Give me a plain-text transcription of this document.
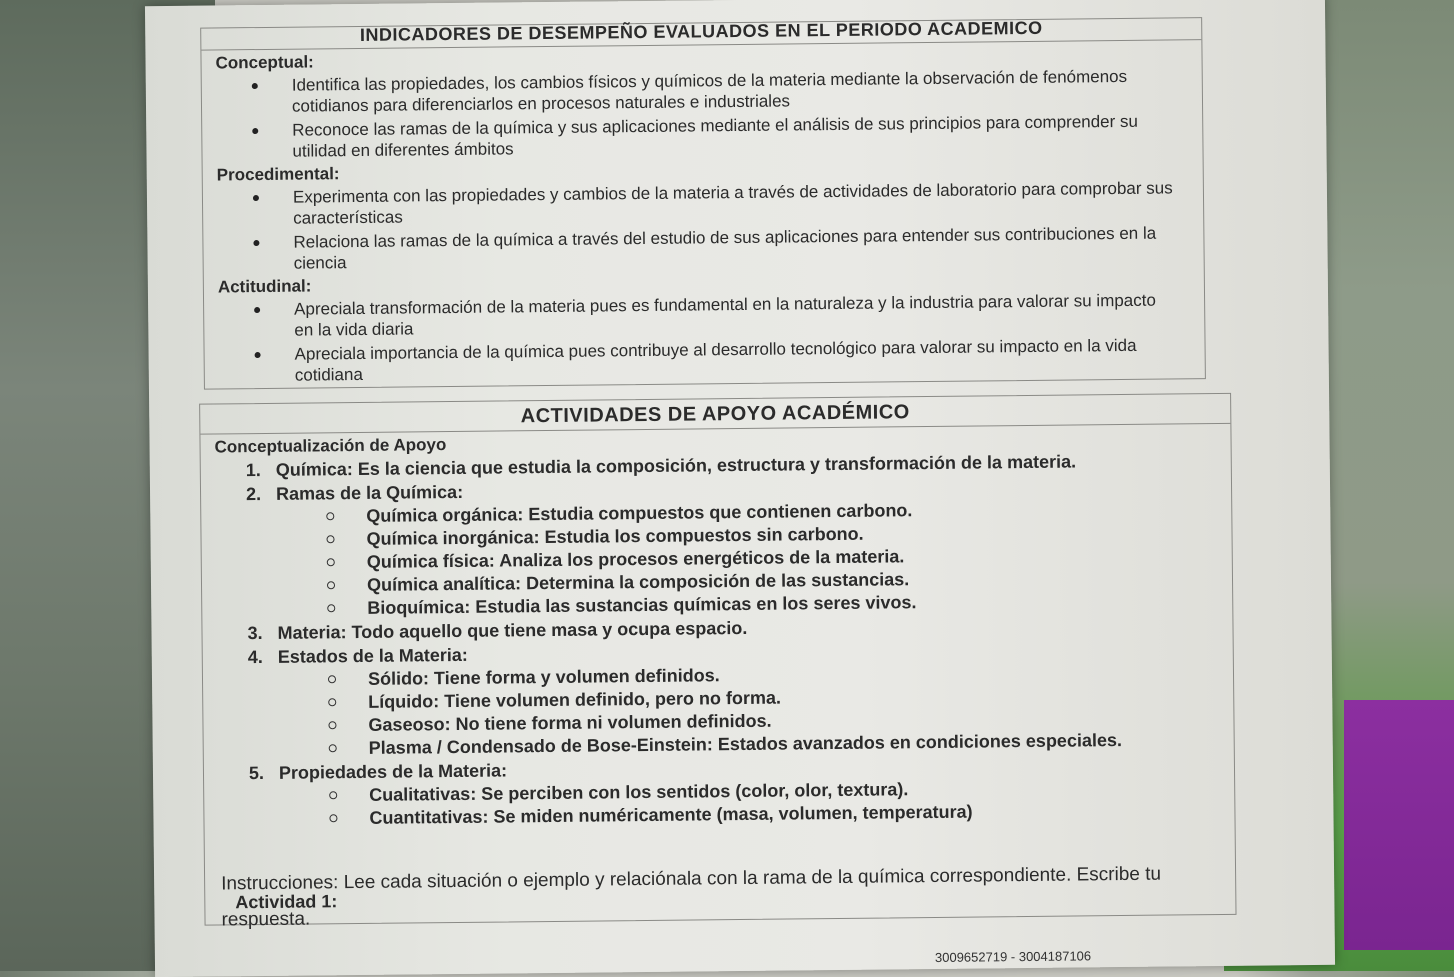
INDICADORES DE DESEMPEÑO EVALUADOS EN EL PERIODO ACADEMICO
Conceptual:
Identifica las propiedades, los cambios físicos y químicos de la materia mediante la observación de fenómenos cotidianos para diferenciarlos en procesos naturales e industriales
Reconoce las ramas de la química y sus aplicaciones mediante el análisis de sus principios para comprender su utilidad en diferentes ámbitos
Procedimental:
Experimenta con las propiedades y cambios de la materia a través de actividades de laboratorio para comprobar sus características
Relaciona las ramas de la química a través del estudio de sus aplicaciones para entender sus contribuciones en la ciencia
Actitudinal:
Apreciala transformación de la materia pues es fundamental en la naturaleza y la industria para valorar su impacto en la vida diaria
Apreciala importancia de la química pues contribuye al desarrollo tecnológico para valorar su impacto en la vida cotidiana
ACTIVIDADES DE APOYO ACADÉMICO
Conceptualización de Apoyo
1. Química: Es la ciencia que estudia la composición, estructura y transformación de la materia.
2. Ramas de la Química:
Química orgánica: Estudia compuestos que contienen carbono.
Química inorgánica: Estudia los compuestos sin carbono.
Química física: Analiza los procesos energéticos de la materia.
Química analítica: Determina la composición de las sustancias.
Bioquímica: Estudia las sustancias químicas en los seres vivos.
3. Materia: Todo aquello que tiene masa y ocupa espacio.
4. Estados de la Materia:
Sólido: Tiene forma y volumen definidos.
Líquido: Tiene volumen definido, pero no forma.
Gaseoso: No tiene forma ni volumen definidos.
Plasma / Condensado de Bose-Einstein: Estados avanzados en condiciones especiales.
5. Propiedades de la Materia:
Cualitativas: Se perciben con los sentidos (color, olor, textura).
Cuantitativas: Se miden numéricamente (masa, volumen, temperatura)
Instrucciones: Lee cada situación o ejemplo y relaciónala con la rama de la química correspondiente. Escribe tu respuesta.
Actividad 1:
3009652719 - 3004187106
